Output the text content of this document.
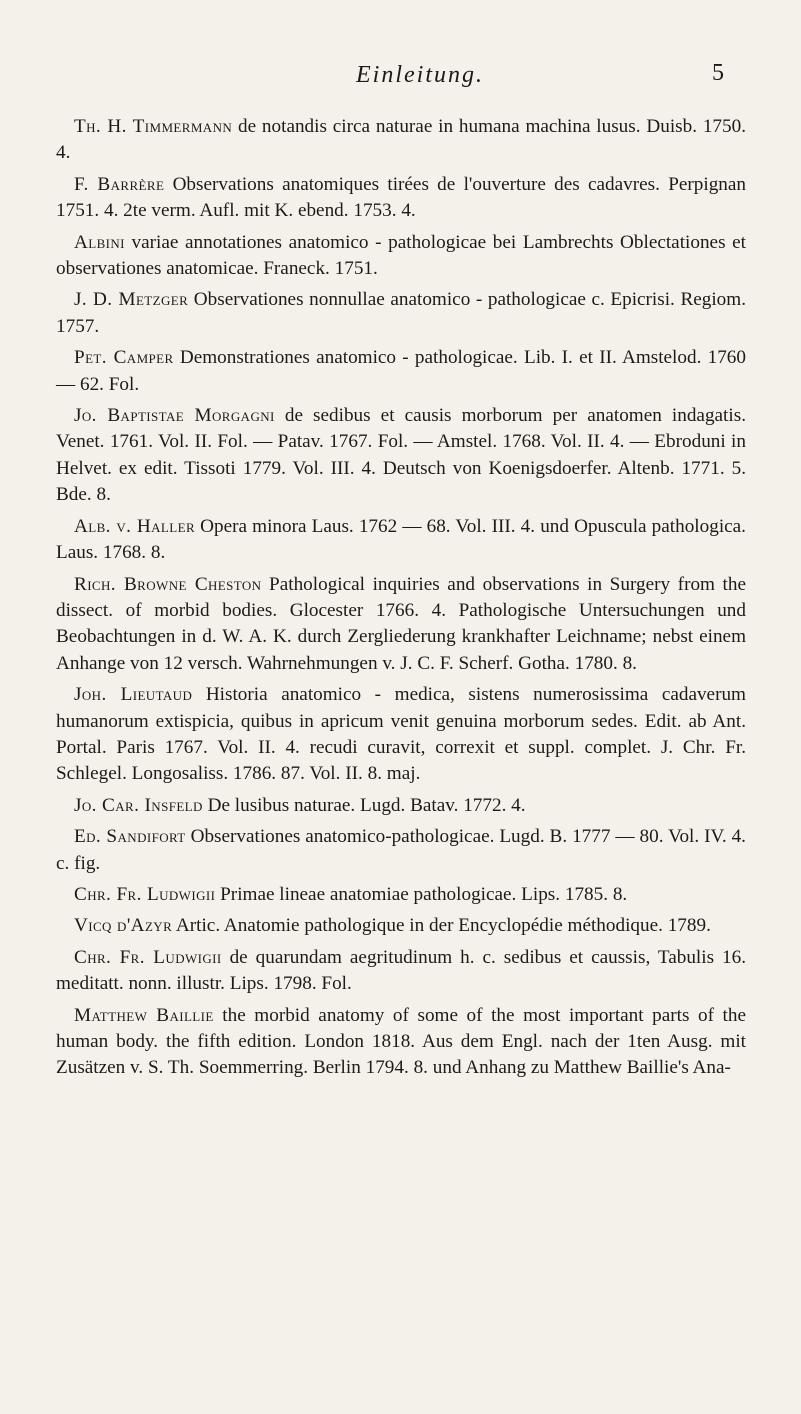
Einleitung.	5

Th. H. Timmermann de notandis circa naturae in humana machina lusus. Duisb. 1750. 4.

F. Barrère Observations anatomiques tirées de l'ouverture des cadavres. Perpignan 1751. 4. 2te verm. Aufl. mit K. ebend. 1753. 4.

Albini variae annotationes anatomico - pathologicae bei Lambrechts Oblectationes et observationes anatomicae. Franeck. 1751.

J. D. Metzger Observationes nonnullae anatomico - pathologicae c. Epicrisi. Regiom. 1757.

Pet. Camper Demonstrationes anatomico - pathologicae. Lib. I. et II. Amstelod. 1760 — 62. Fol.

Jo. Baptistae Morgagni de sedibus et causis morborum per anatomen indagatis. Venet. 1761. Vol. II. Fol. — Patav. 1767. Fol. — Amstel. 1768. Vol. II. 4. — Ebroduni in Helvet. ex edit. Tissoti 1779. Vol. III. 4. Deutsch von Koenigsdoerfer. Altenb. 1771. 5. Bde. 8.

Alb. v. Haller Opera minora Laus. 1762 — 68. Vol. III. 4. und Opuscula pathologica. Laus. 1768. 8.

Rich. Browne Cheston Pathological inquiries and observations in Surgery from the dissect. of morbid bodies. Glocester 1766. 4. Pathologische Untersuchungen und Beobachtungen in d. W. A. K. durch Zergliederung krankhafter Leichname; nebst einem Anhange von 12 versch. Wahrnehmungen v. J. C. F. Scherf. Gotha. 1780. 8.

Joh. Lieutaud Historia anatomico - medica, sistens numerosissima cadaverum humanorum extispicia, quibus in apricum venit genuina morborum sedes. Edit. ab Ant. Portal. Paris 1767. Vol. II. 4. recudi curavit, correxit et suppl. complet. J. Chr. Fr. Schlegel. Longosaliss. 1786. 87. Vol. II. 8. maj.

Jo. Car. Insfeld De lusibus naturae. Lugd. Batav. 1772. 4.

Ed. Sandifort Observationes anatomico-pathologicae. Lugd. B. 1777 — 80. Vol. IV. 4. c. fig.

Chr. Fr. Ludwigii Primae lineae anatomiae pathologicae. Lips. 1785. 8.

Vicq d'Azyr Artic. Anatomie pathologique in der Encyclopédie méthodique. 1789.

Chr. Fr. Ludwigii de quarundam aegritudinum h. c. sedibus et caussis, Tabulis 16. meditatt. nonn. illustr. Lips. 1798. Fol.

Matthew Baillie the morbid anatomy of some of the most important parts of the human body. the fifth edition. London 1818. Aus dem Engl. nach der 1ten Ausg. mit Zusätzen v. S. Th. Soemmerring. Berlin 1794. 8. und Anhang zu Matthew Baillie's Ana-
